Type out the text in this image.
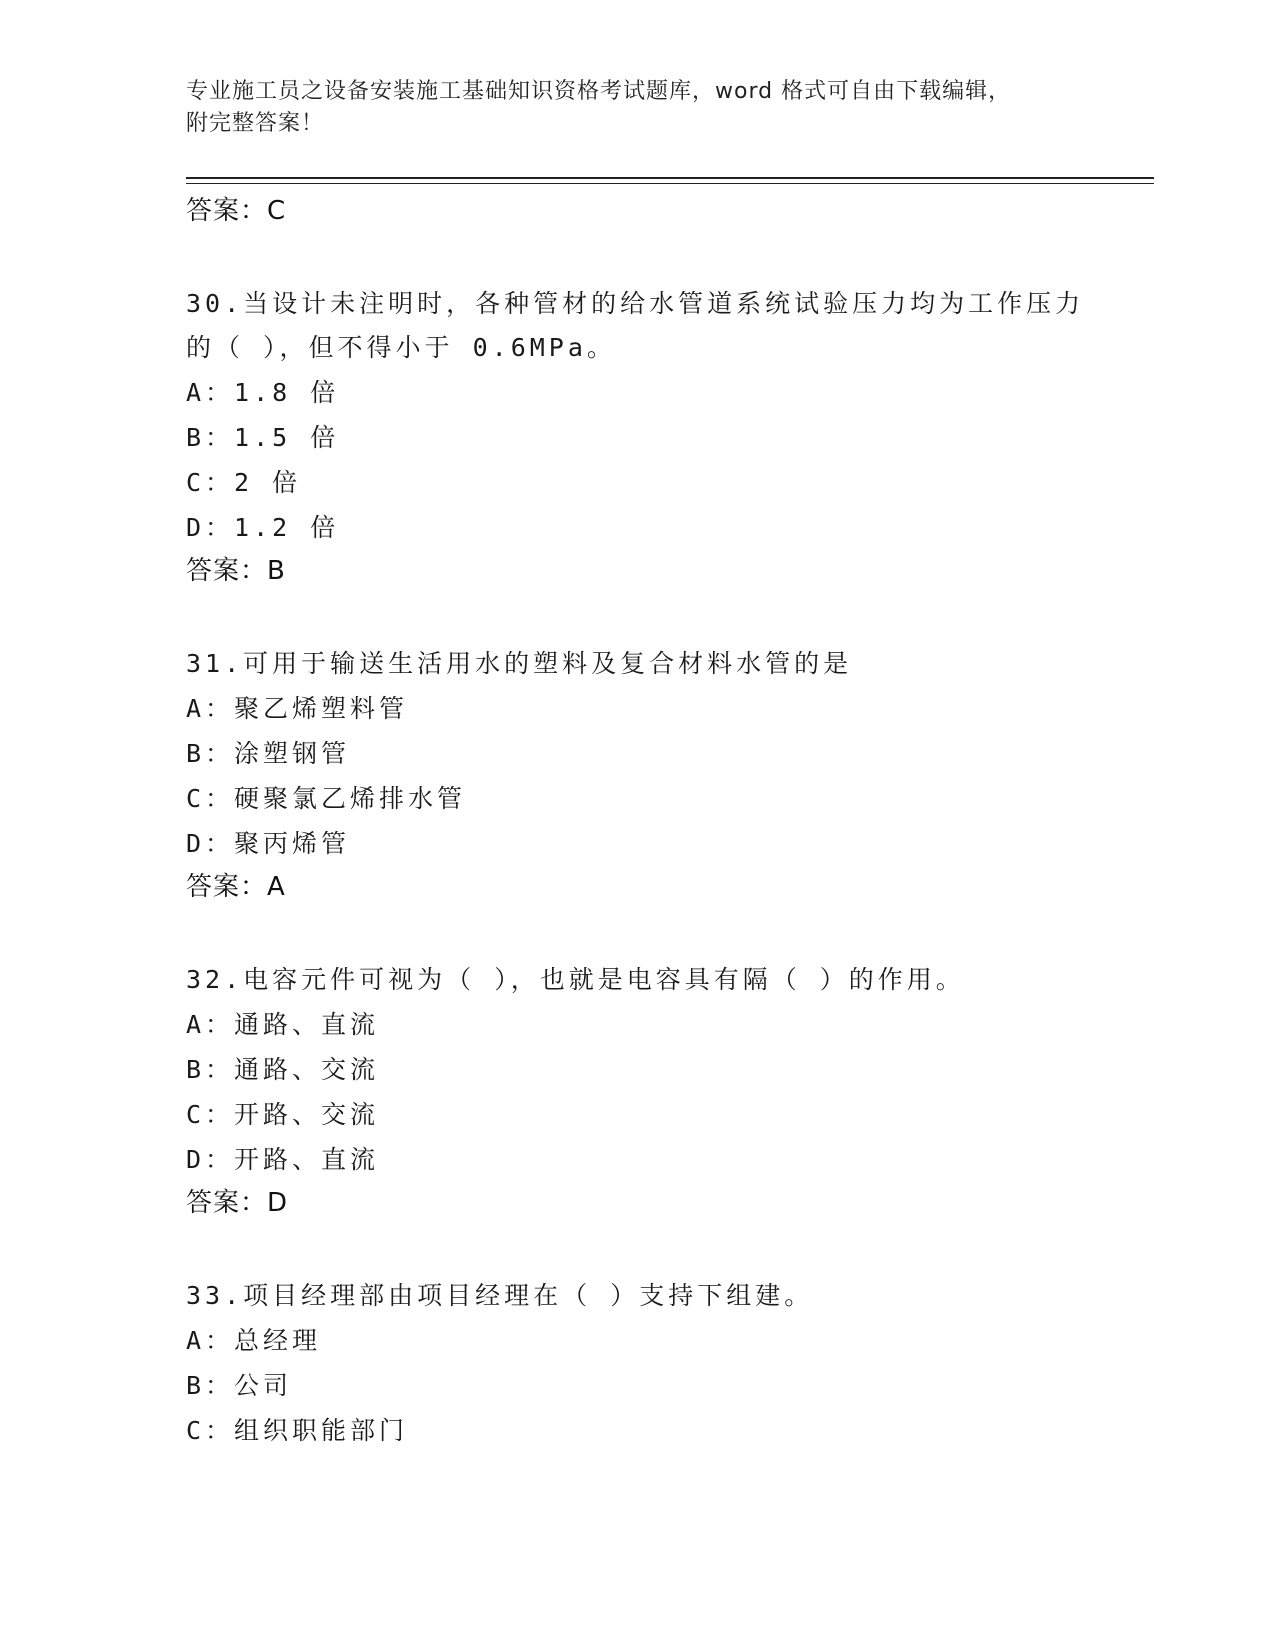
专业施工员之设备安装施工基础知识资格考试题库，word 格式可自由下载编辑，
附完整答案！
答案：C
30.当设计未注明时，各种管材的给水管道系统试验压力均为工作压力
的（ ），但不得小于 0.6MPa。
A：1.8 倍
B：1.5 倍
C：2 倍
D：1.2 倍
答案：B
31.可用于输送生活用水的塑料及复合材料水管的是
A：聚乙烯塑料管
B：涂塑钢管
C：硬聚氯乙烯排水管
D：聚丙烯管
答案：A
32.电容元件可视为（ ），也就是电容具有隔（ ）的作用。
A：通路、直流
B：通路、交流
C：开路、交流
D：开路、直流
答案：D
33.项目经理部由项目经理在（ ）支持下组建。
A：总经理
B：公司
C：组织职能部门
